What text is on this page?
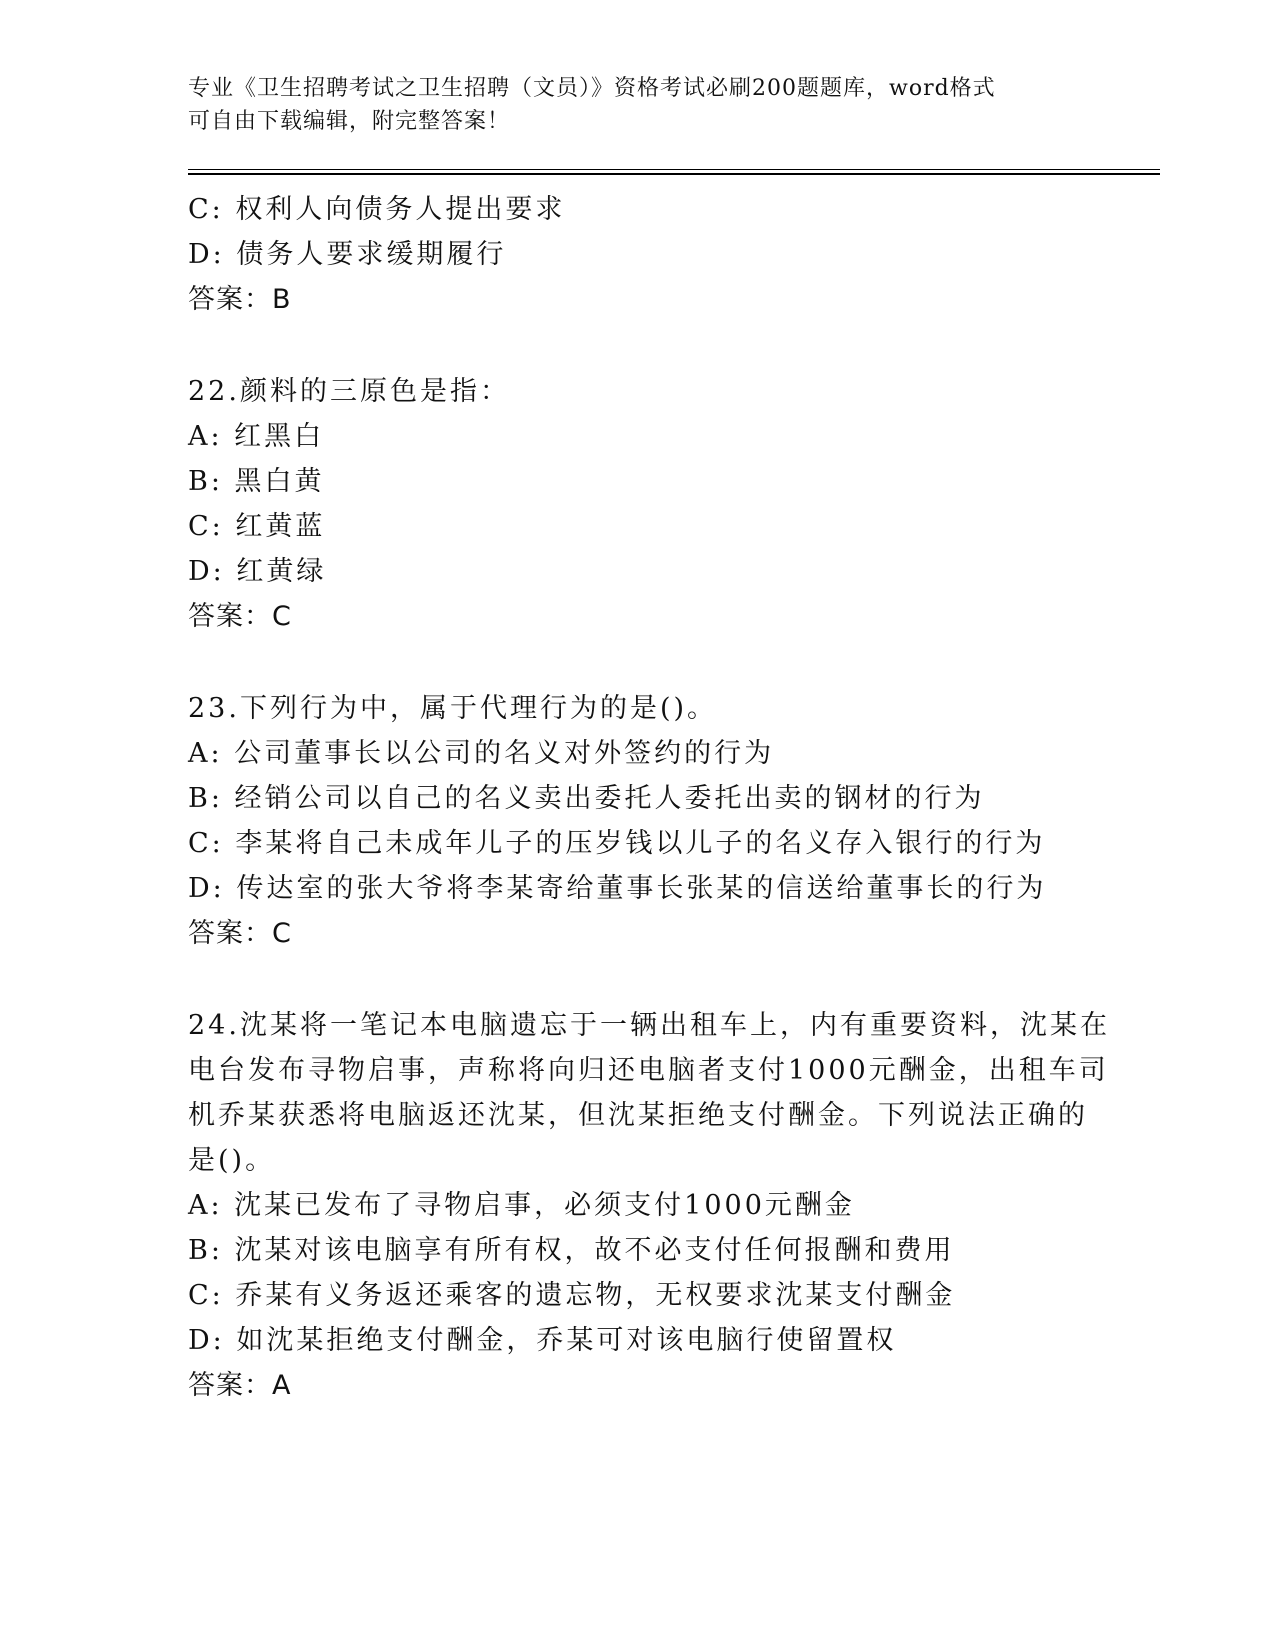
专业《卫生招聘考试之卫生招聘（文员）》资格考试必刷200题题库，word格式
可自由下载编辑，附完整答案！
C: 权利人向债务人提出要求
D: 债务人要求缓期履行
答案：B
22.颜料的三原色是指：
A: 红黑白
B: 黑白黄
C: 红黄蓝
D: 红黄绿
答案：C
23.下列行为中，属于代理行为的是()。
A: 公司董事长以公司的名义对外签约的行为
B: 经销公司以自己的名义卖出委托人委托出卖的钢材的行为
C: 李某将自己未成年儿子的压岁钱以儿子的名义存入银行的行为
D: 传达室的张大爷将李某寄给董事长张某的信送给董事长的行为
答案：C
24.沈某将一笔记本电脑遗忘于一辆出租车上，内有重要资料，沈某在
电台发布寻物启事，声称将向归还电脑者支付1000元酬金，出租车司
机乔某获悉将电脑返还沈某，但沈某拒绝支付酬金。下列说法正确的
是()。
A: 沈某已发布了寻物启事，必须支付1000元酬金
B: 沈某对该电脑享有所有权，故不必支付任何报酬和费用
C: 乔某有义务返还乘客的遗忘物，无权要求沈某支付酬金
D: 如沈某拒绝支付酬金，乔某可对该电脑行使留置权
答案：A
